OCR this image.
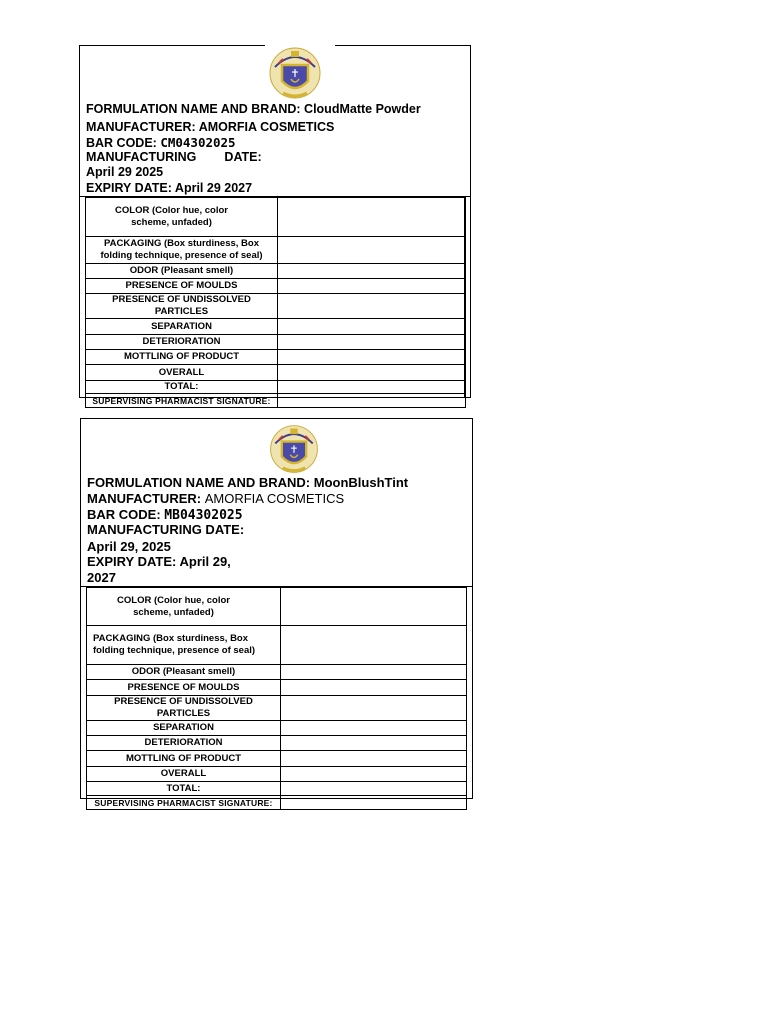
FORMULATION NAME AND BRAND: CloudMatte Powder
MANUFACTURER: AMORFIA COSMETICS
BAR CODE: CM04302025
MANUFACTURING DATE:
April 29 2025
EXPIRY DATE: April 29 2027
COLOR (Color hue, color scheme, unfaded)	
PACKAGING (Box sturdiness, Box folding technique, presence of seal)	
ODOR (Pleasant smell)	
PRESENCE OF MOULDS	
PRESENCE OF UNDISSOLVED PARTICLES	
SEPARATION	
DETERIORATION	
MOTTLING OF PRODUCT	
OVERALL	
TOTAL:	
SUPERVISING PHARMACIST SIGNATURE:	
FORMULATION NAME AND BRAND: MoonBlushTint
MANUFACTURER: AMORFIA COSMETICS
BAR CODE: MB04302025
MANUFACTURING DATE:
April 29, 2025
EXPIRY DATE: April 29,
2027
COLOR (Color hue, color scheme, unfaded)	
PACKAGING (Box sturdiness, Box folding technique, presence of seal)	
ODOR (Pleasant smell)	
PRESENCE OF MOULDS	
PRESENCE OF UNDISSOLVED PARTICLES	
SEPARATION	
DETERIORATION	
MOTTLING OF PRODUCT	
OVERALL	
TOTAL:	
SUPERVISING PHARMACIST SIGNATURE:	
